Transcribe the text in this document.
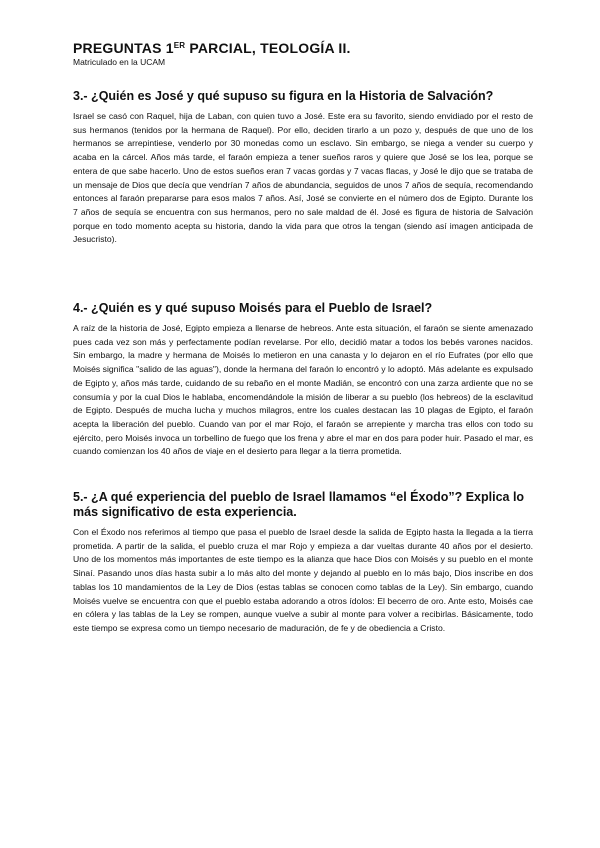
PREGUNTAS 1ER PARCIAL, TEOLOGÍA II.
Matriculado en la UCAM
3.- ¿Quién es José y qué supuso su figura en la Historia de Salvación?

Israel se casó con Raquel, hija de Laban, con quien tuvo a José. Este era su favorito, siendo envidiado por el resto de sus hermanos (tenidos por la hermana de Raquel). Por ello, deciden tirarlo a un pozo y, después de que uno de los hermanos se arrepintiese, venderlo por 30 monedas como un esclavo. Sin embargo, se niega a vender su cuerpo y acaba en la cárcel. Años más tarde, el faraón empieza a tener sueños raros y quiere que José se los lea, porque se entera de que sabe hacerlo. Uno de estos sueños eran 7 vacas gordas y 7 vacas flacas, y José le dijo que se trataba de un mensaje de Dios que decía que vendrían 7 años de abundancia, seguidos de unos 7 años de sequía, recomendando entonces al faraón prepararse para esos malos 7 años. Así, José se convierte en el número dos de Egipto. Durante los 7 años de sequía se encuentra con sus hermanos, pero no sale maldad de él. José es figura de historia de Salvación porque en todo momento acepta su historia, dando la vida para que otros la tengan (siendo así imagen anticipada de Jesucristo).

4.- ¿Quién es y qué supuso Moisés para el Pueblo de Israel?

A raíz de la historia de José, Egipto empieza a llenarse de hebreos. Ante esta situación, el faraón se siente amenazado pues cada vez son más y perfectamente podían revelarse. Por ello, decidió matar a todos los bebés varones nacidos. Sin embargo, la madre y hermana de Moisés lo metieron en una canasta y lo dejaron en el río Eufrates (por ello que Moisés significa "salido de las aguas"), donde la hermana del faraón lo encontró y lo adoptó. Más adelante es expulsado de Egipto y, años más tarde, cuidando de su rebaño en el monte Madián, se encontró con una zarza ardiente que no se consumía y por la cual Dios le hablaba, encomendándole la misión de liberar a su pueblo (los hebreos) de la esclavitud de Egipto. Después de mucha lucha y muchos milagros, entre los cuales destacan las 10 plagas de Egipto, el faraón acepta la liberación del pueblo. Cuando van por el mar Rojo, el faraón se arrepiente y marcha tras ellos con todo su ejército, pero Moisés invoca un torbellino de fuego que los frena y abre el mar en dos para poder huir. Pasado el mar, es cuando comienzan los 40 años de viaje en el desierto para llegar a la tierra prometida.

5.- ¿A qué experiencia del pueblo de Israel llamamos “el Éxodo”? Explica lo más significativo de esta experiencia.

Con el Éxodo nos referimos al tiempo que pasa el pueblo de Israel desde la salida de Egipto hasta la llegada a la tierra prometida. A partir de la salida, el pueblo cruza el mar Rojo y empieza a dar vueltas durante 40 años por el desierto. Uno de los momentos más importantes de este tiempo es la alianza que hace Dios con Moisés y su pueblo en el monte Sinaí. Pasando unos días hasta subir a lo más alto del monte y dejando al pueblo en lo más bajo, Dios inscribe en dos tablas los 10 mandamientos de la Ley de Dios (estas tablas se conocen como tablas de la Ley). Sin embargo, cuando Moisés vuelve se encuentra con que el pueblo estaba adorando a otros ídolos: El becerro de oro. Ante esto, Moisés cae en cólera y las tablas de la Ley se rompen, aunque vuelve a subir al monte para volver a recibirlas. Básicamente, todo este tiempo se expresa como un tiempo necesario de maduración, de fe y de obediencia a Cristo.
